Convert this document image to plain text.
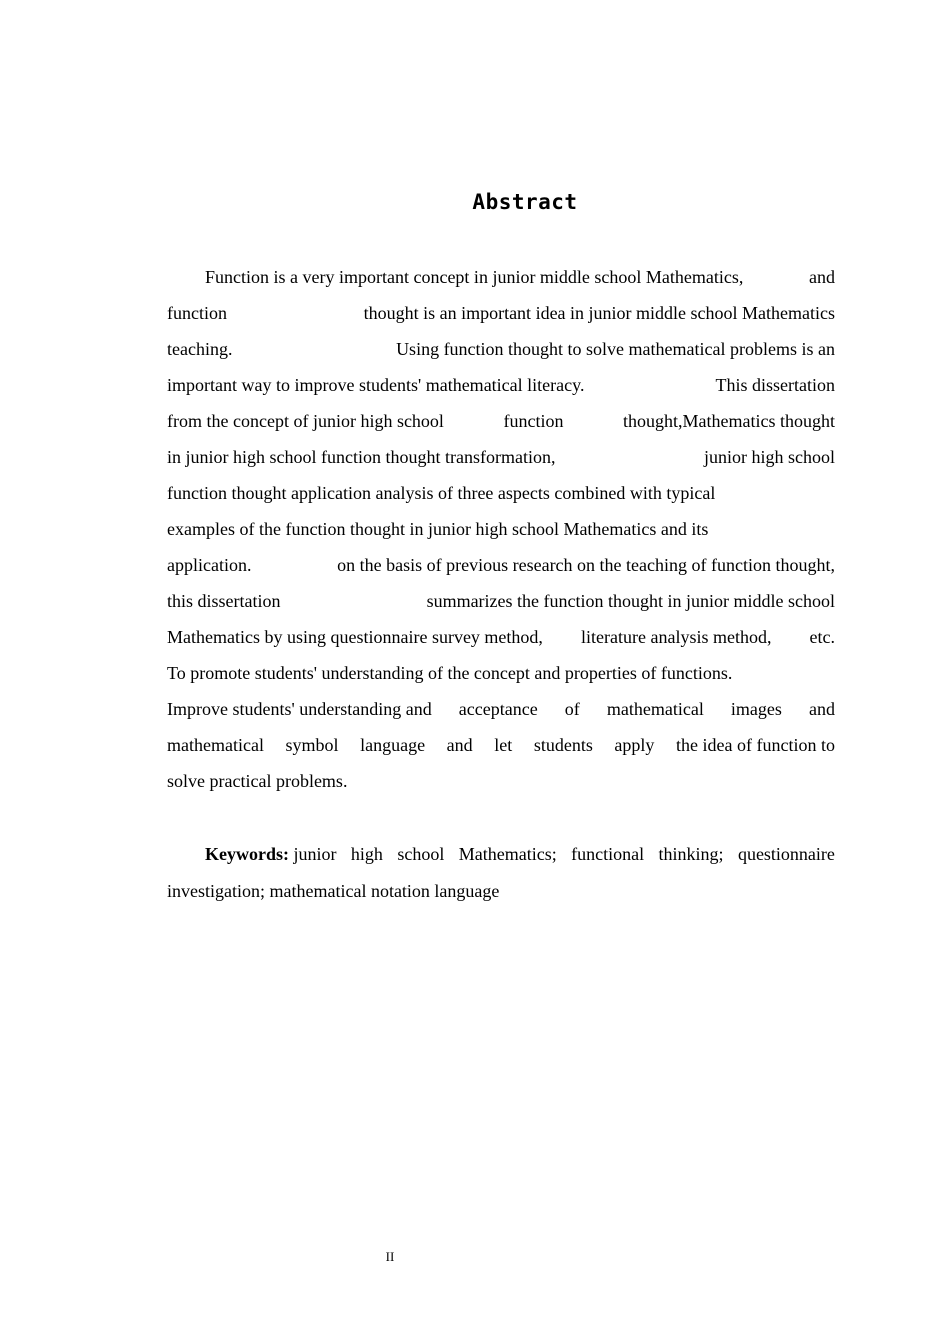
Abstract
Function is a very important concept in junior middle school Mathematics,	and
function	thought is an important idea in junior middle school Mathematics
teaching.	Using function thought to solve mathematical problems is an
important way to improve students' mathematical literacy.	This dissertation
from the concept of junior high school	function	thought,Mathematics thought
in junior high school function thought transformation,	junior high school
function thought application analysis of three aspects combined with typical
examples of the function thought in junior high school Mathematics and its
application.	on the basis of previous research on the teaching of function thought,
this dissertation	summarizes the function thought in junior middle school
Mathematics by using questionnaire survey method, literature analysis method, etc.
To promote students' understanding of the concept and properties of functions.
Improve students' understanding and acceptance of mathematical images and
mathematical symbol language and let students apply the idea of function to
solve practical problems.
Keywords: junior high school Mathematics; functional thinking; questionnaire
investigation; mathematical notation language
II
